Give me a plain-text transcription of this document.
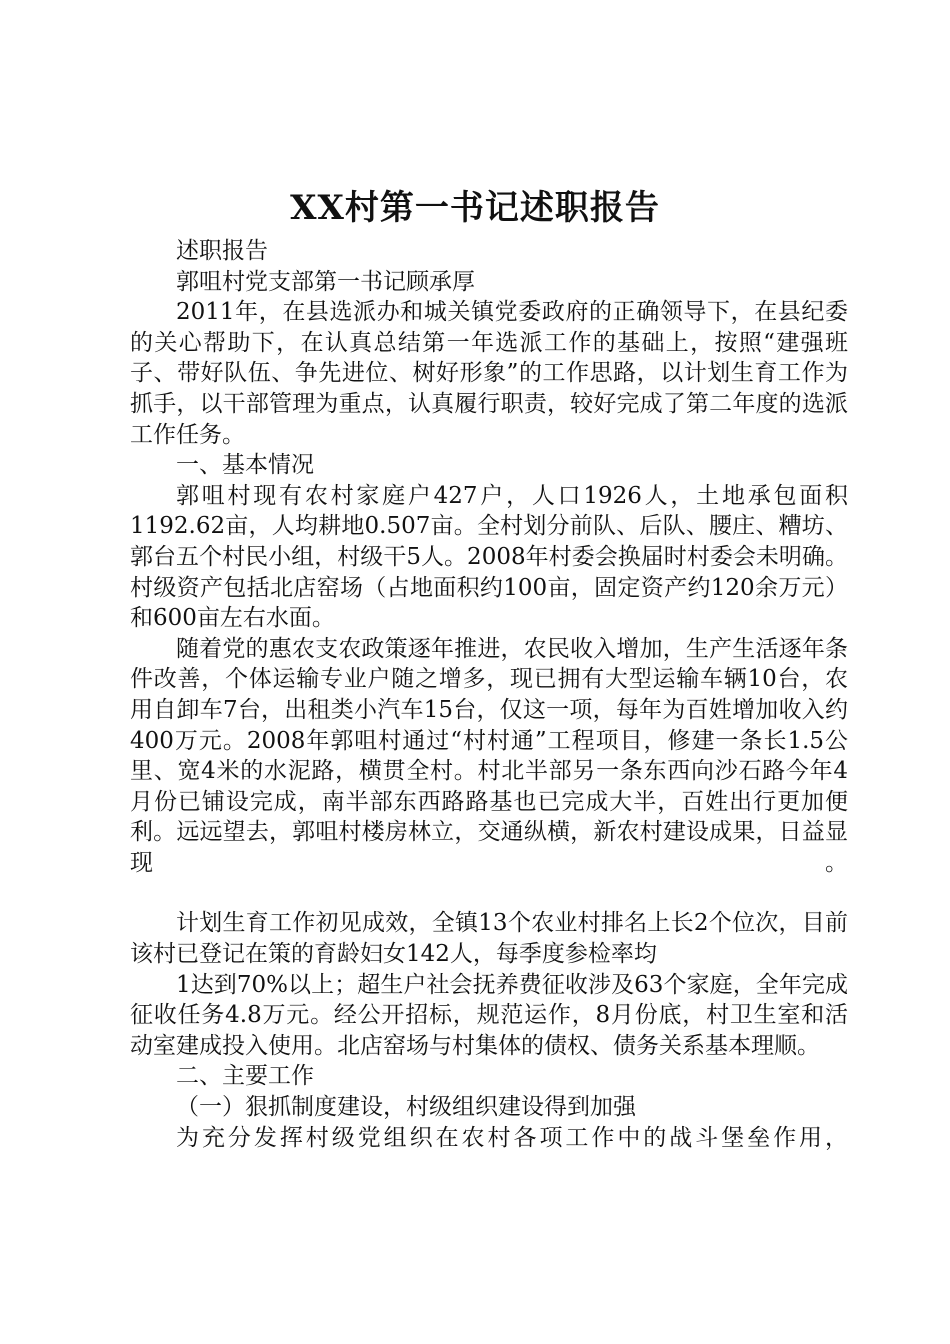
XX村第一书记述职报告

述职报告

郭咀村党支部第一书记顾承厚

2011年，在县选派办和城关镇党委政府的正确领导下，在县纪委的关心帮助下，在认真总结第一年选派工作的基础上，按照“建强班子、带好队伍、争先进位、树好形象”的工作思路，以计划生育工作为抓手，以干部管理为重点，认真履行职责，较好完成了第二年度的选派工作任务。

一、基本情况

郭咀村现有农村家庭户427户，人口1926人，土地承包面积1192.62亩，人均耕地0.507亩。全村划分前队、后队、腰庄、糟坊、郭台五个村民小组，村级干5人。2008年村委会换届时村委会未明确。村级资产包括北店窑场（占地面积约100亩，固定资产约120余万元）和600亩左右水面。

随着党的惠农支农政策逐年推进，农民收入增加，生产生活逐年条件改善，个体运输专业户随之增多，现已拥有大型运输车辆10台，农用自卸车7台，出租类小汽车15台，仅这一项，每年为百姓增加收入约400万元。2008年郭咀村通过“村村通”工程项目，修建一条长1.5公里、宽4米的水泥路，横贯全村。村北半部另一条东西向沙石路今年4月份已铺设完成，南半部东西路路基也已完成大半，百姓出行更加便利。远远望去，郭咀村楼房林立，交通纵横，新农村建设成果，日益显现。

计划生育工作初见成效，全镇13个农业村排名上长2个位次，目前该村已登记在策的育龄妇女142人，每季度参检率均

1达到70%以上；超生户社会抚养费征收涉及63个家庭，全年完成征收任务4.8万元。经公开招标，规范运作，8月份底，村卫生室和活动室建成投入使用。北店窑场与村集体的债权、债务关系基本理顺。

二、主要工作

（一）狠抓制度建设，村级组织建设得到加强

为充分发挥村级党组织在农村各项工作中的战斗堡垒作用，
